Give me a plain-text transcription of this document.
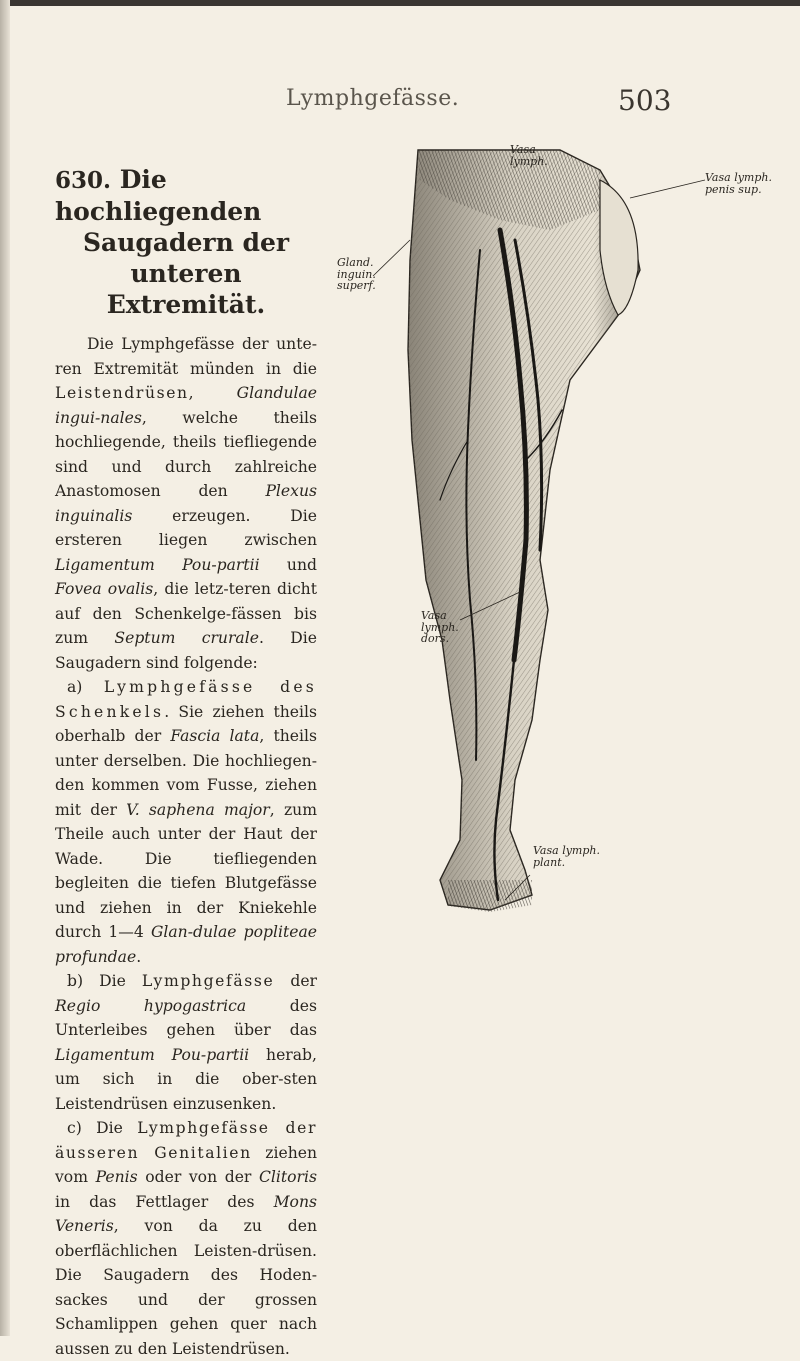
Lymphgefässe.	503
630. Die hochliegenden
Saugadern der unteren
Extremität.

Die Lymphgefässe der unte-ren Extremität münden in die Leistendrüsen, Glandulae ingui-nales, welche theils hochliegende, theils tiefliegende sind und durch zahlreiche Anastomosen den Plexus inguinalis erzeugen. Die ersteren liegen zwischen Ligamentum Pou-partii und Fovea ovalis, die letz-teren dicht auf den Schenkelge-fässen bis zum Septum crurale. Die Saugadern sind folgende:

a) Lymphgefässe des Schenkels. Sie ziehen theils oberhalb der Fascia lata, theils unter derselben. Die hochliegen-den kommen vom Fusse, ziehen mit der V. saphena major, zum Theile auch unter der Haut der Wade. Die tiefliegenden begleiten die tiefen Blutgefässe und ziehen in der Kniekehle durch 1—4 Glan-dulae popliteae profundae.

b) Die Lymphgefässe der Regio hypogastrica des Unterleibes gehen über das Ligamentum Pou-partii herab, um sich in die ober-sten Leistendrüsen einzusenken.

c) Die Lymphgefässe der äusseren Genitalien ziehen vom Penis oder von der Clitoris in das Fettlager des Mons Veneris, von da zu den oberflächlichen Leisten-drüsen. Die Saugadern des Hoden-sackes und der grossen Schamlippen gehen quer nach aussen zu den Leistendrüsen.

Gland.
inguin.
superf.
Vasa lymph.
penis sup.
Vasa
lymph.
dors.
Vasa lymph.
plant.
Vasa
lymph.
